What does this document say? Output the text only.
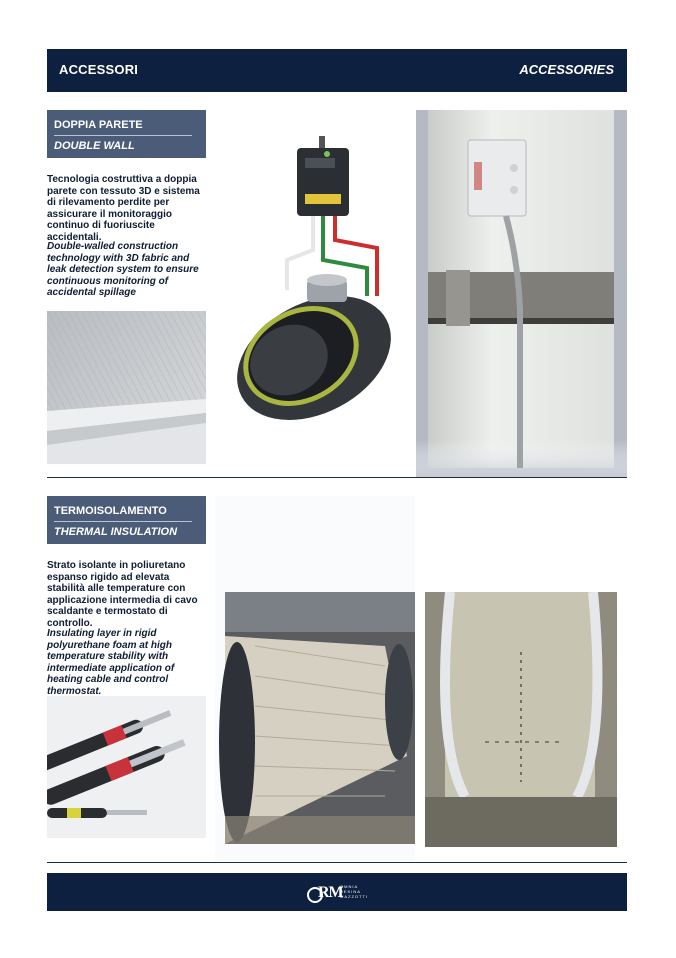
ACCESSORI	ACCESSORIES
DOPPIA PARETE
DOUBLE WALL
Tecnologia costruttiva a doppia parete con tessuto 3D e sistema di rilevamento perdite per assicurare il monitoraggio continuo di fuoriuscite accidentali.
Double-walled construction technology with 3D fabric and leak detection system to ensure continuous monitoring of accidental spillage
TERMOISOLAMENTO
THERMAL INSULATION
Strato isolante in poliuretano espanso rigido ad elevata stabilità alle temperature con applicazione intermedia di cavo scaldante e termostato di controllo.
Insulating layer in rigid polyurethane foam at high temperature stability with intermediate application of heating cable and control thermostat.
RM
OMNIA
RESINA
MAZZOTTI
